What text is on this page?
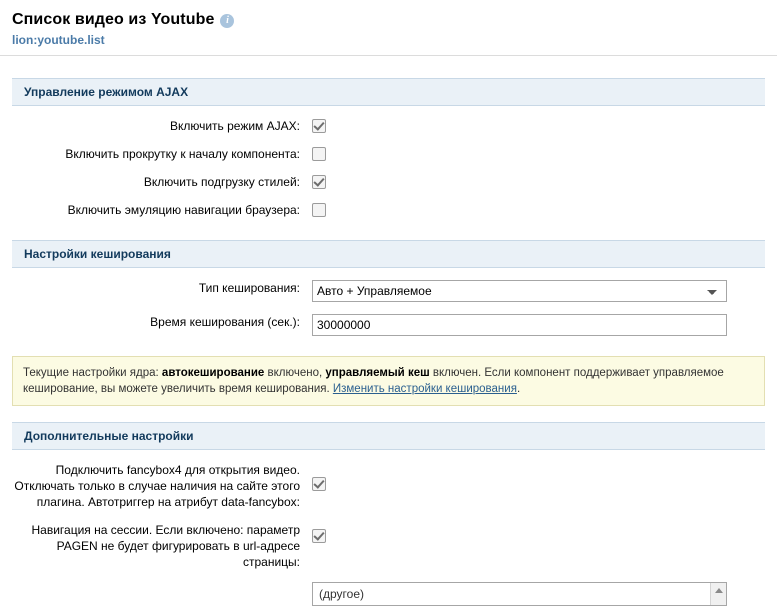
Список видео из Youtube	i
lion:youtube.list
Управление режимом AJAX
Включить режим AJAX:
Включить прокрутку к началу компонента:
Включить подгрузку стилей:
Включить эмуляцию навигации браузера:
Настройки кеширования
Тип кеширования:
Авто + Управляемое
Время кеширования (сек.):
30000000
Текущие настройки ядра: автокеширование включено, управляемый кеш включен. Если компонент поддерживает управляемое кеширование, вы можете увеличить время кеширования. Изменить настройки кеширования.
Дополнительные настройки
Подключить fancybox4 для открытия видео. Отключать только в случае наличия на сайте этого плагина. Автотриггер на атрибут data-fancybox:
Навигация на сессии. Если включено: параметр PAGEN не будет фигурировать в url-адресе страницы:
(другое)
